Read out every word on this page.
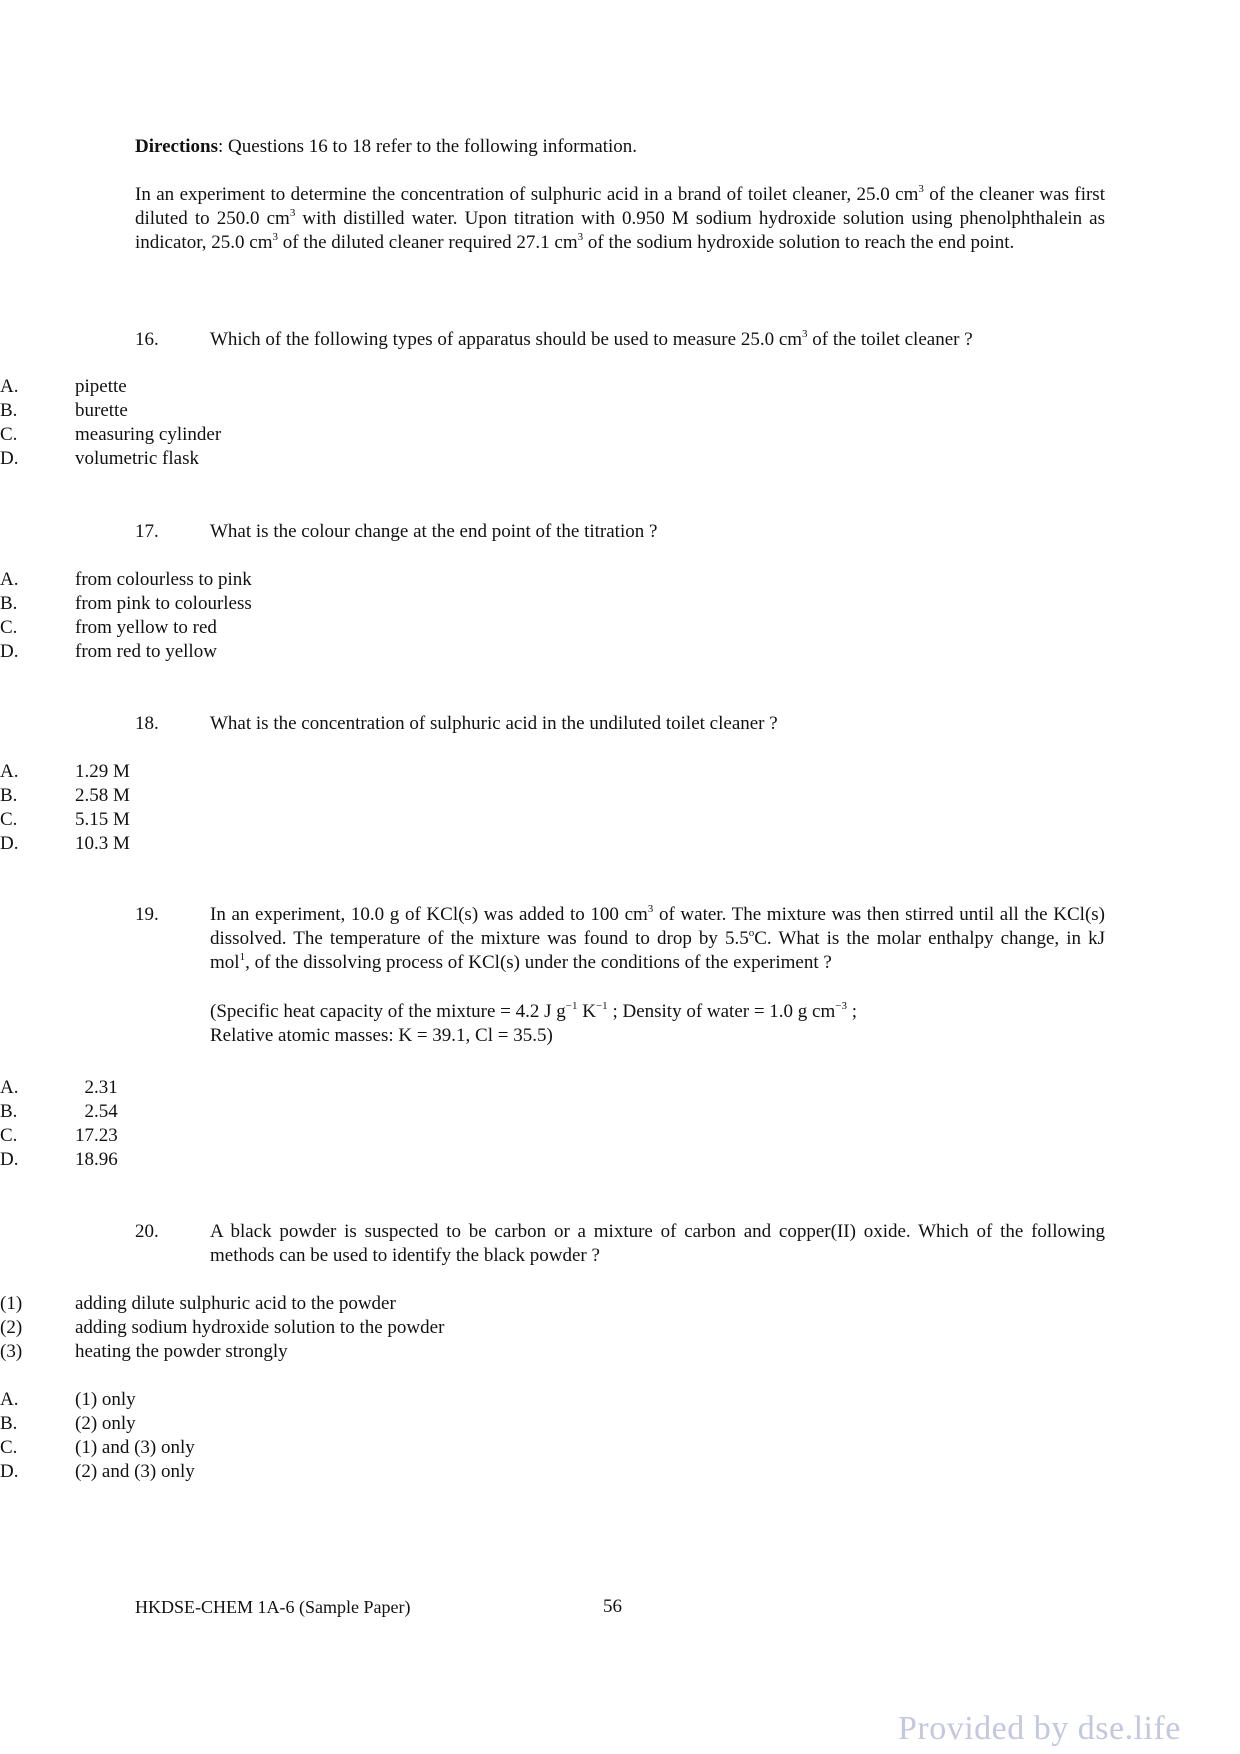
Directions: Questions 16 to 18 refer to the following information.
In an experiment to determine the concentration of sulphuric acid in a brand of toilet cleaner, 25.0 $cm^3$ of the cleaner was first diluted to 250.0 $cm^3$ with distilled water. Upon titration with 0.950 M sodium hydroxide solution using phenolphthalein as indicator, 25.0 $cm^3$ of the diluted cleaner required 27.1 $cm^3$ of the sodium hydroxide solution to reach the end point.
16.	Which of the following types of apparatus should be used to measure 25.0 $cm^3$ of the toilet cleaner ?
A.	pipette
B.	burette
C.	measuring cylinder
D.	volumetric flask
17.	What is the colour change at the end point of the titration ?
A.	from colourless to pink
B.	from pink to colourless
C.	from yellow to red
D.	from red to yellow
18.	What is the concentration of sulphuric acid in the undiluted toilet cleaner ?
A.	1.29 M
B.	2.58 M
C.	5.15 M
D.	10.3 M
19.	In an experiment, 10.0 g of KCl(s) was added to 100 $cm^3$ of water. The mixture was then stirred until all the KCl(s) dissolved. The temperature of the mixture was found to drop by 5.5$^o$C. What is the molar enthalpy change, in kJ mol$^1$, of the dissolving process of KCl(s) under the conditions of the experiment ?
(Specific heat capacity of the mixture = 4.2 J $g^{-1}$ $K^{-1}$ ; Density of water = 1.0 g $cm^{-3}$ ;
Relative atomic masses: K = 39.1, Cl = 35.5)
A.	 2.31
B.	 2.54
C.	17.23
D.	18.96
20.	A black powder is suspected to be carbon or a mixture of carbon and copper(II) oxide. Which of the following methods can be used to identify the black powder ?
(1)	adding dilute sulphuric acid to the powder
(2)	adding sodium hydroxide solution to the powder
(3)	heating the powder strongly
A.	(1) only
B.	(2) only
C.	(1) and (3) only
D.	(2) and (3) only
HKDSE-CHEM 1A-6 (Sample Paper)	56
Provided by dse.life
